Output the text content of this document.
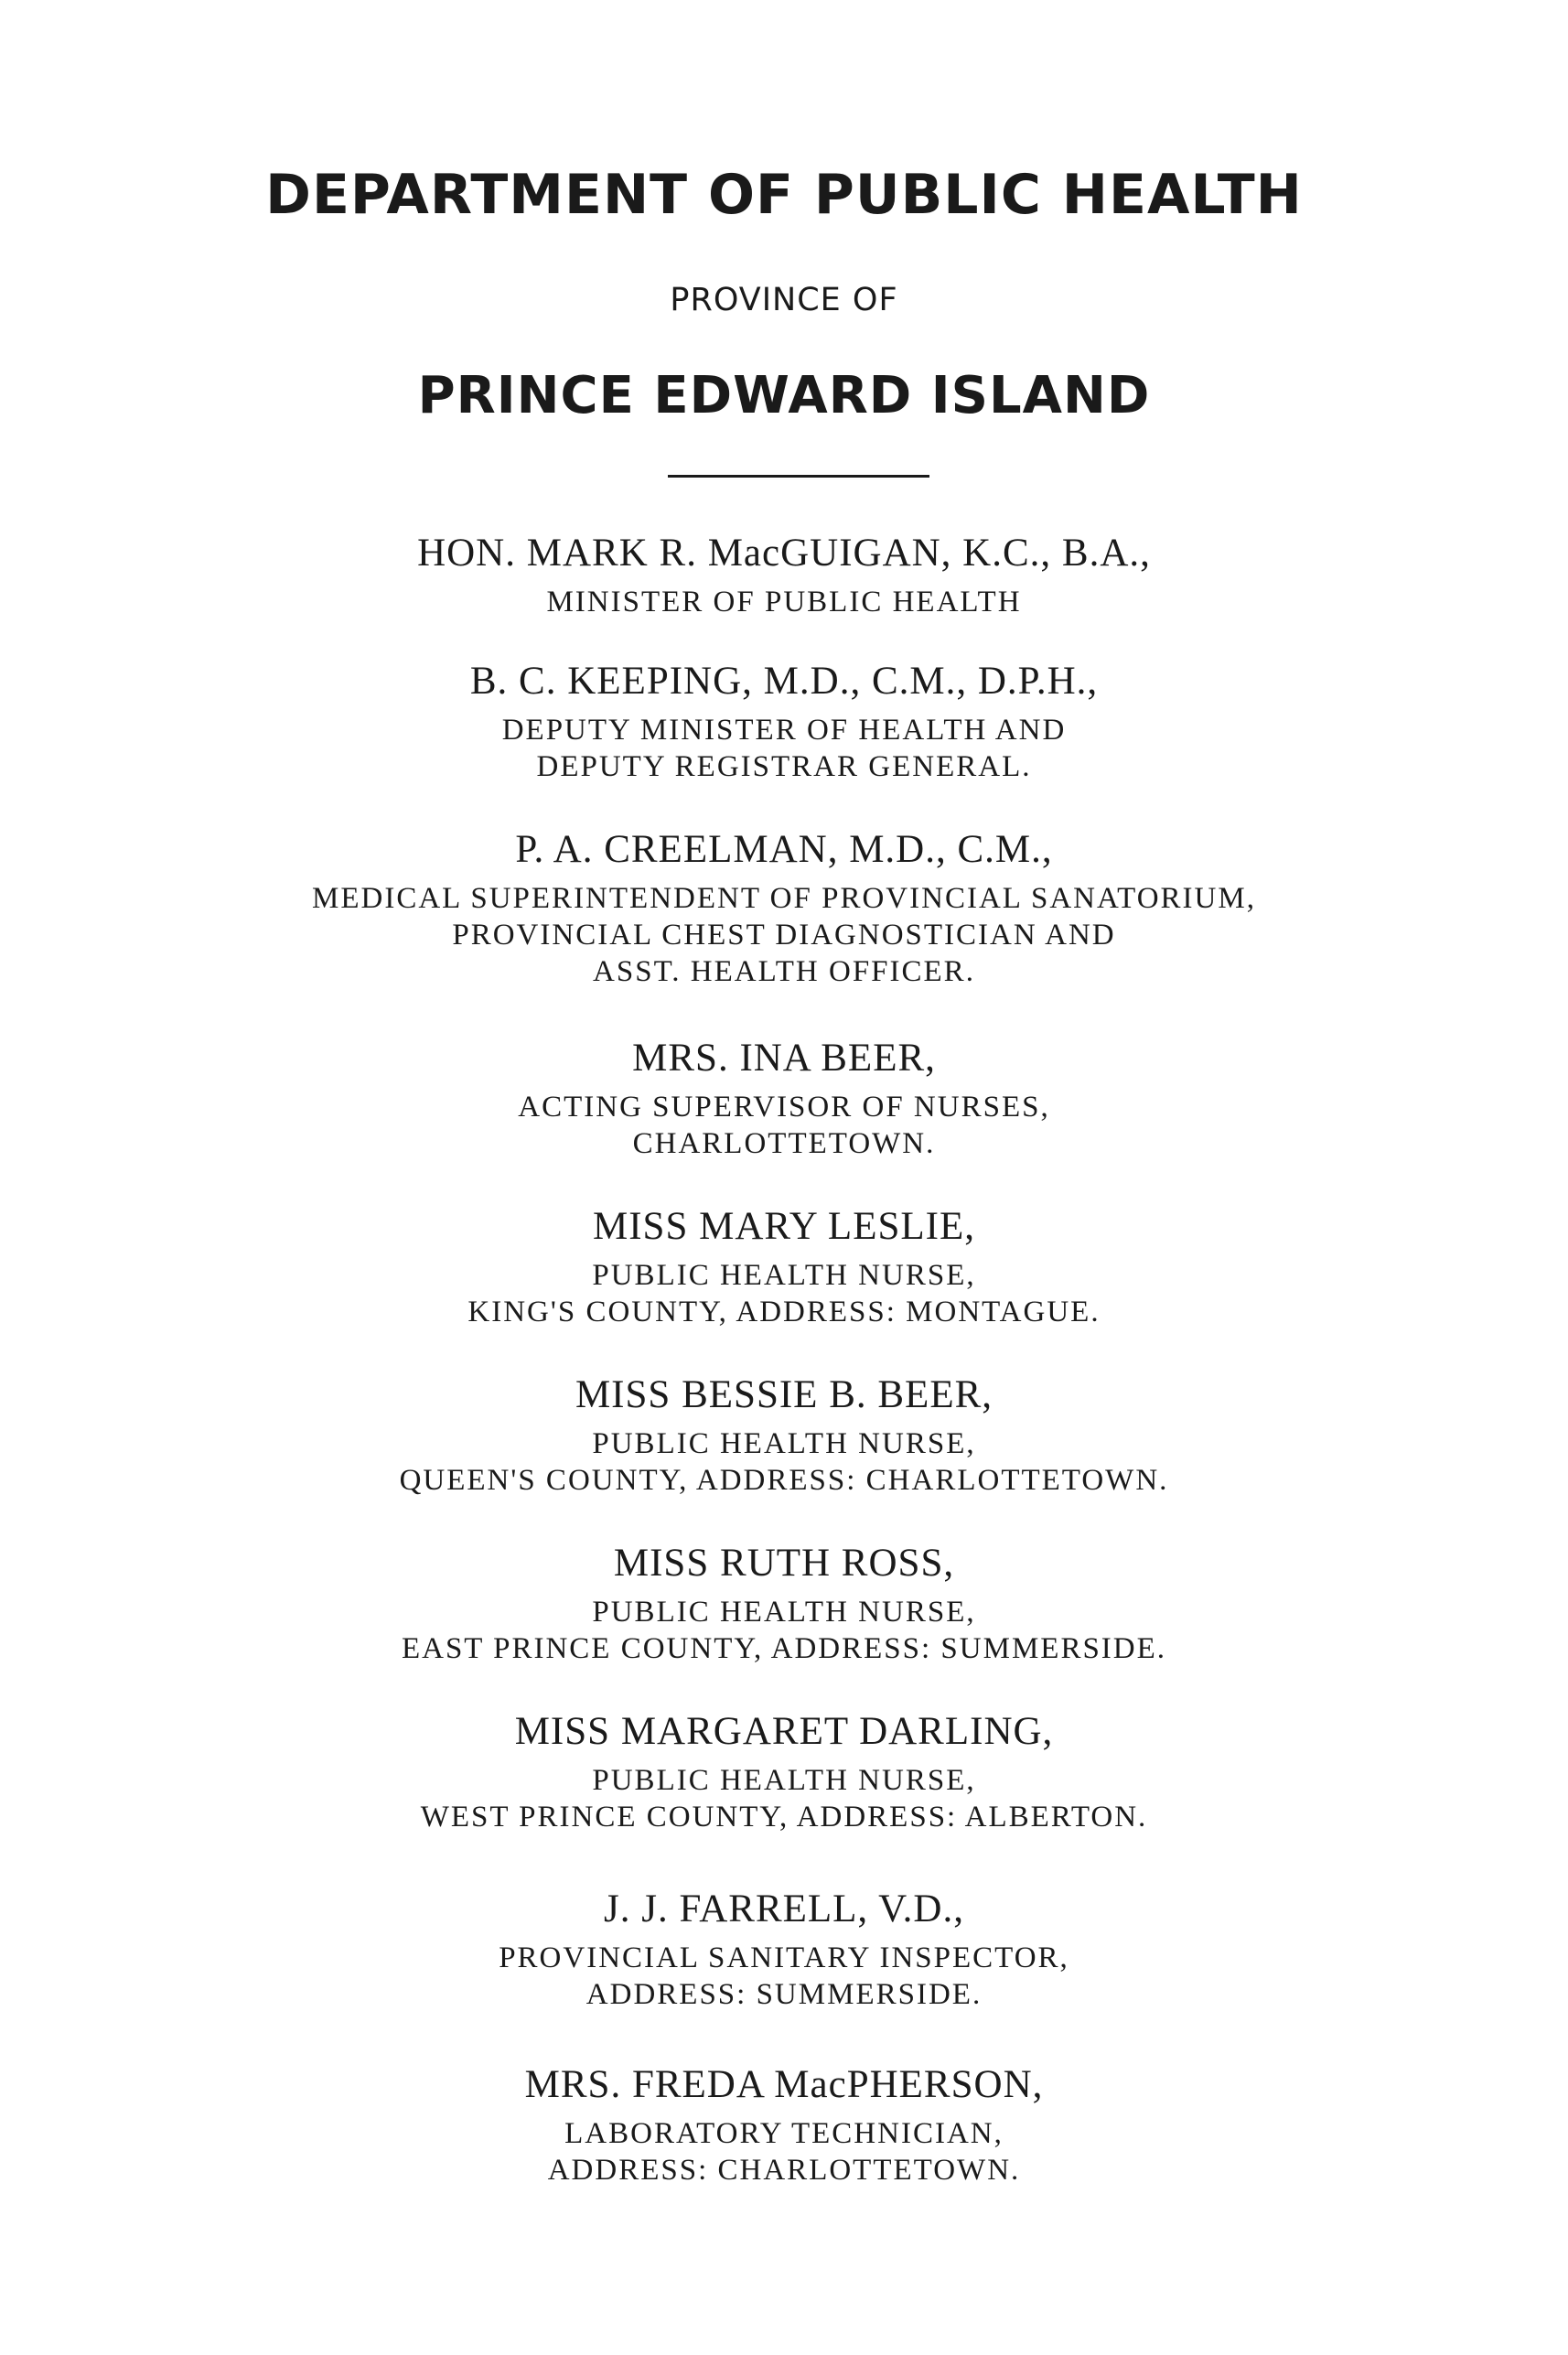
DEPARTMENT OF PUBLIC HEALTH
PROVINCE OF
PRINCE EDWARD ISLAND
HON. MARK R. MacGUIGAN, K.C., B.A.,
MINISTER OF PUBLIC HEALTH
B. C. KEEPING, M.D., C.M., D.P.H.,
DEPUTY MINISTER OF HEALTH AND
DEPUTY REGISTRAR GENERAL.
P. A. CREELMAN, M.D., C.M.,
MEDICAL SUPERINTENDENT OF PROVINCIAL SANATORIUM,
PROVINCIAL CHEST DIAGNOSTICIAN AND
ASST. HEALTH OFFICER.
MRS. INA BEER,
ACTING SUPERVISOR OF NURSES,
CHARLOTTETOWN.
MISS MARY LESLIE,
PUBLIC HEALTH NURSE,
KING'S COUNTY, ADDRESS: MONTAGUE.
MISS BESSIE B. BEER,
PUBLIC HEALTH NURSE,
QUEEN'S COUNTY, ADDRESS: CHARLOTTETOWN.
MISS RUTH ROSS,
PUBLIC HEALTH NURSE,
EAST PRINCE COUNTY, ADDRESS: SUMMERSIDE.
MISS MARGARET DARLING,
PUBLIC HEALTH NURSE,
WEST PRINCE COUNTY, ADDRESS: ALBERTON.
J. J. FARRELL, V.D.,
PROVINCIAL SANITARY INSPECTOR,
ADDRESS: SUMMERSIDE.
MRS. FREDA MacPHERSON,
LABORATORY TECHNICIAN,
ADDRESS: CHARLOTTETOWN.
